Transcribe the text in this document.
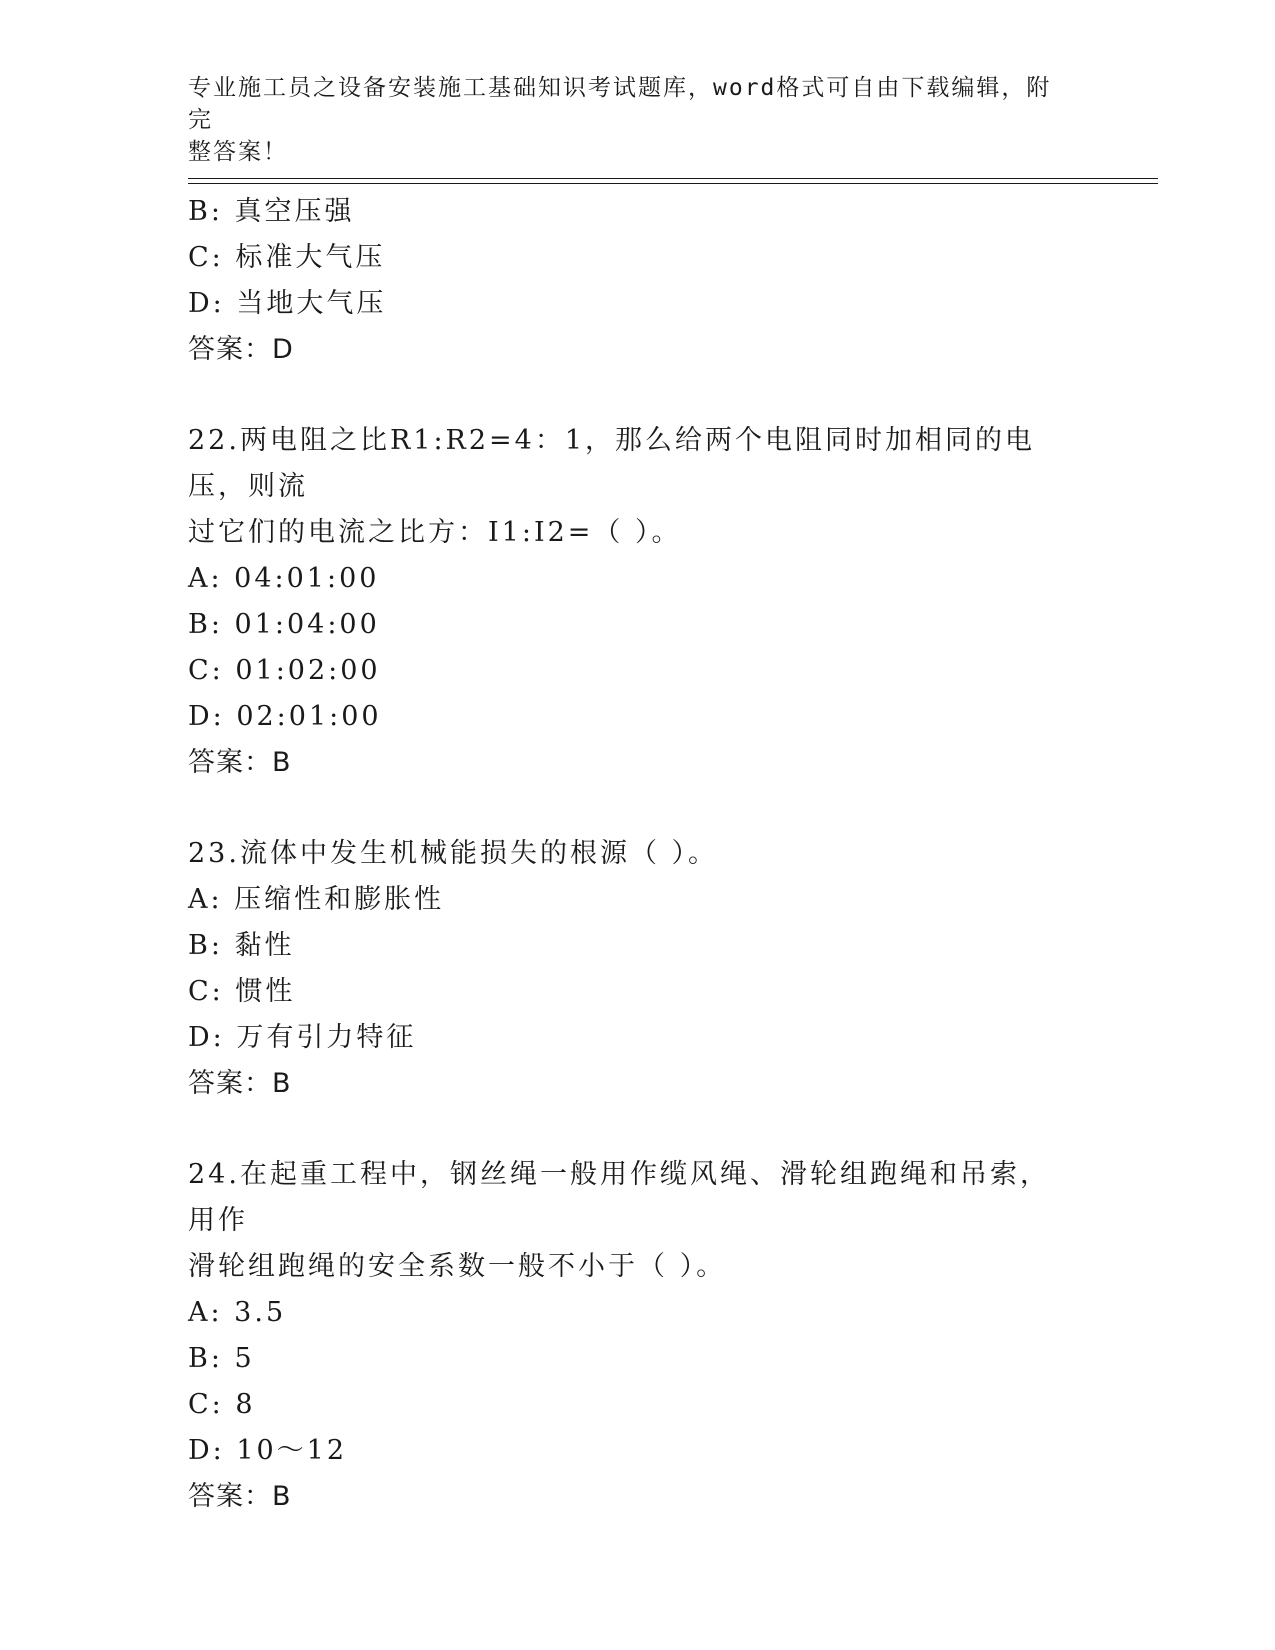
专业施工员之设备安装施工基础知识考试题库，word格式可自由下载编辑，附完
整答案！
B: 真空压强
C: 标准大气压
D: 当地大气压
答案：D
22.两电阻之比R1:R2=4：1，那么给两个电阻同时加相同的电压，则流
过它们的电流之比方：I1:I2=（ ）。
A: 04:01:00
B: 01:04:00
C: 01:02:00
D: 02:01:00
答案：B
23.流体中发生机械能损失的根源（ ）。
A: 压缩性和膨胀性
B: 黏性
C: 惯性
D: 万有引力特征
答案：B
24.在起重工程中，钢丝绳一般用作缆风绳、滑轮组跑绳和吊索，用作
滑轮组跑绳的安全系数一般不小于（ ）。
A: 3.5
B: 5
C: 8
D: 10～12
答案：B
